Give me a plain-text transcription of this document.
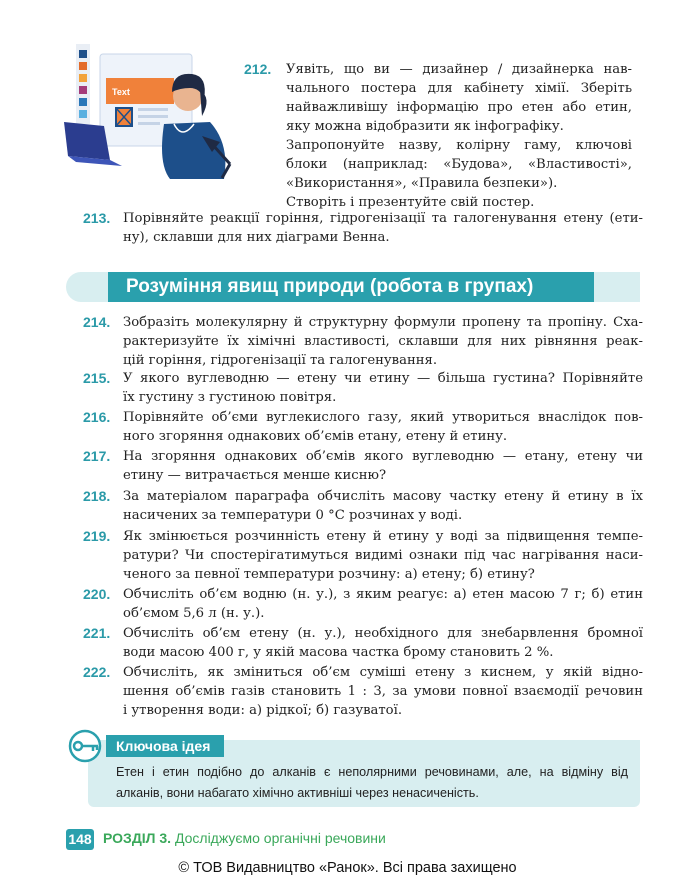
Text
212. Уявіть, що ви — дизайнер / дизайнерка нав-
чального постера для кабінету хімії. Зберіть
найважливішу інформацію про етен або етин,
яку можна відобразити як інфографіку.
Запропонуйте назву, колірну гаму, ключові
блоки (наприклад: «Будова», «Властивості»,
«Використання», «Правила безпеки»).
Створіть і презентуйте свій постер.
213. Порівняйте реакції горіння, гідрогенізації та галогенування етену (ети-
ну), склавши для них діаграми Венна.
Розуміння явищ природи (робота в групах)
214. Зобразіть молекулярну й структурну формули пропену та пропіну. Сха-
рактеризуйте їх хімічні властивості, склавши для них рівняння реак-
цій горіння, гідрогенізації та галогенування.
215. У якого вуглеводню — етену чи етину — більша густина? Порівняйте
їх густину з густиною повітря.
216. Порівняйте об’єми вуглекислого газу, який утвориться внаслідок пов-
ного згоряння однакових об’ємів етану, етену й етину.
217. На згоряння однакових об’ємів якого вуглеводню — етану, етену чи
етину — витрачається менше кисню?
218. За матеріалом параграфа обчисліть масову частку етену й етину в їх
насичених за температури 0 °С розчинах у воді.
219. Як змінюється розчинність етену й етину у воді за підвищення темпе-
ратури? Чи спостерігатимуться видимі ознаки під час нагрівання наси-
ченого за певної температури розчину: а) етену; б) етину?
220. Обчисліть об’єм водню (н. у.), з яким реагує: а) етен масою 7 г; б) етин
об’ємом 5,6 л (н. у.).
221. Обчисліть об’єм етену (н. у.), необхідного для знебарвлення бромної
води масою 400 г, у якій масова частка брому становить 2 %.
222. Обчисліть, як зміниться об’єм суміші етену з киснем, у якій відно-
шення об’ємів газів становить 1 : 3, за умови повної взаємодії речовин
і утворення води: а) рідкої; б) газуватої.
Ключова ідея
Етен і етин подібно до алканів є неполярними речовинами, але, на відміну від
алканів, вони набагато хімічно активніші через ненасиченість.
148 РОЗДІЛ 3. Досліджуємо органічні речовини
© ТОВ Видавництво «Ранок». Всі права захищено
